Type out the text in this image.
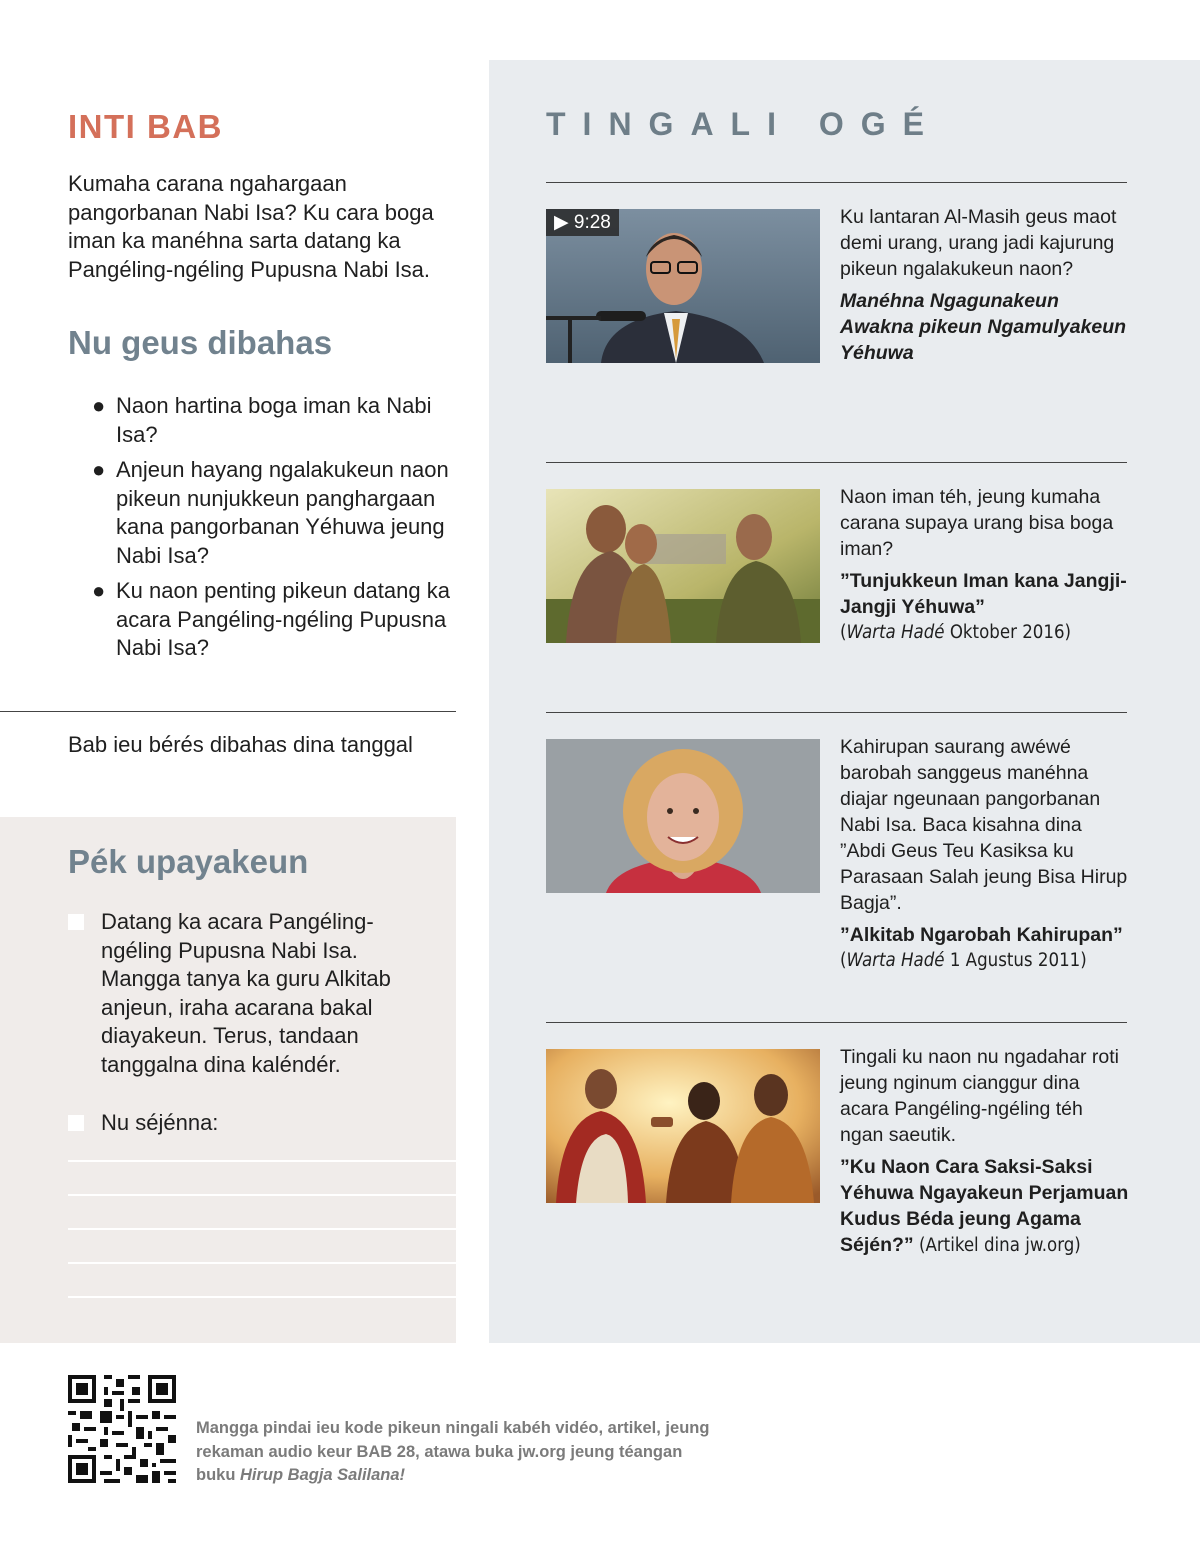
INTI BAB

Kumaha carana ngahargaan pangorbanan Nabi Isa? Ku cara boga iman ka manéhna sarta datang ka Pangéling-ngéling Pupusna Nabi Isa.

Nu geus dibahas
● Naon hartina boga iman ka Nabi Isa?
● Anjeun hayang ngalakukeun naon pikeun nunjukkeun panghargaan kana pangorbanan Yéhuwa jeung Nabi Isa?
● Ku naon penting pikeun datang ka acara Pangéling-ngéling Pupusna Nabi Isa?

Bab ieu bérés dibahas dina tanggal

Pék upayakeun
Datang ka acara Pangéling-ngéling Pupusna Nabi Isa. Mangga tanya ka guru Alkitab anjeun, iraha acarana bakal diayakeun. Terus, tandaan tanggalna dina kaléndér.
Nu séjénna:
TINGALI OGÉ
▶ 9:28	Ku lantaran Al-Masih geus maot demi urang, urang jadi kajurung pikeun ngalakukeun naon?

Manéhna Ngagunakeun Awakna pikeun Ngamulyakeun Yéhuwa

Naon iman téh, jeung kumaha carana supaya urang bisa boga iman?

”Tunjukkeun Iman kana Jangji-Jangji Yéhuwa”

(Warta Hadé Oktober 2016)

Kahirupan saurang awéwé barobah sanggeus manéhna diajar ngeunaan pangorbanan Nabi Isa. Baca kisahna dina ”Abdi Geus Teu Kasiksa ku Parasaan Salah jeung Bisa Hirup Bagja”.

”Alkitab Ngarobah Kahirupan”

(Warta Hadé 1 Agustus 2011)

Tingali ku naon nu ngadahar roti jeung nginum cianggur dina acara Pangéling-ngéling téh ngan saeutik.

”Ku Naon Cara Saksi-Saksi Yéhuwa Ngayakeun Perjamuan Kudus Béda jeung Agama Séjén?” (Artikel dina jw.org)

Mangga pindai ieu kode pikeun ningali kabéh vidéo, artikel, jeung rekaman audio keur BAB 28, atawa buka jw.org jeung téangan buku Hirup Bagja Salilana!
